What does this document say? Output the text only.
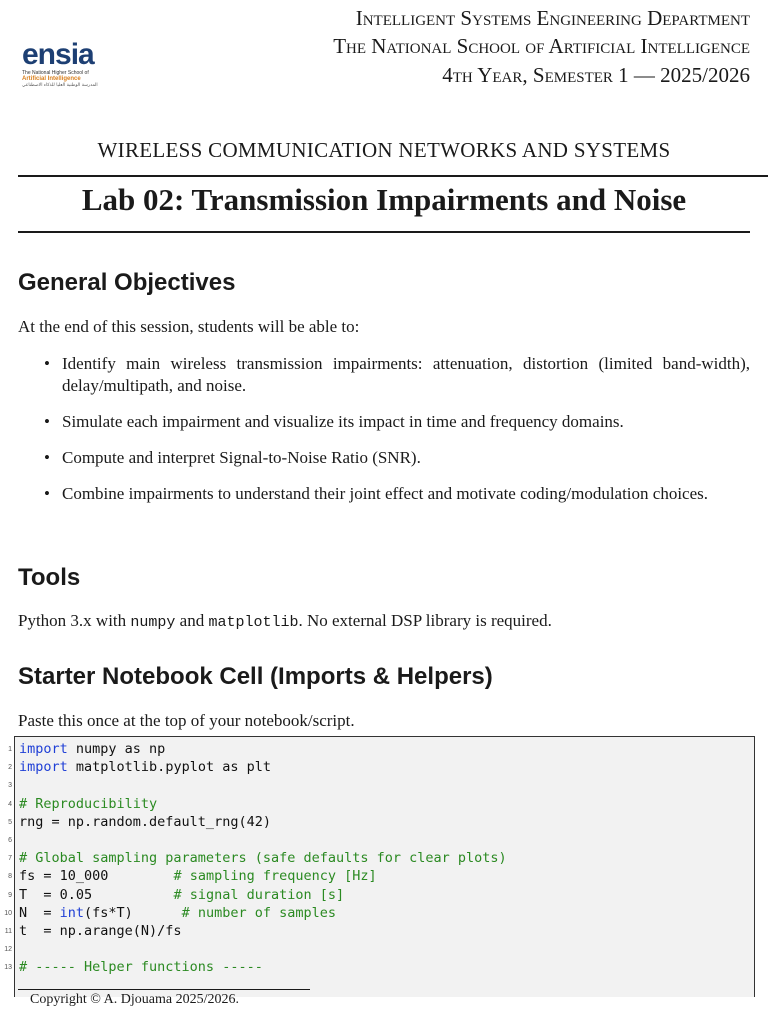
ensia
The National Higher School of
Artificial Intelligence
المدرسة الوطنية العليا للذكاء الاصطناعي
Intelligent Systems Engineering Department
The National School of Artificial Intelligence
4th Year, Semester 1 — 2025/2026
WIRELESS COMMUNICATION NETWORKS AND SYSTEMS
Lab 02: Transmission Impairments and Noise
General Objectives
At the end of this session, students will be able to:
• Identify main wireless transmission impairments: attenuation, distortion (limited band-width), delay/multipath, and noise.
• Simulate each impairment and visualize its impact in time and frequency domains.
• Compute and interpret Signal-to-Noise Ratio (SNR).
• Combine impairments to understand their joint effect and motivate coding/modulation choices.
Tools
Python 3.x with numpy and matplotlib. No external DSP library is required.
Starter Notebook Cell (Imports & Helpers)
Paste this once at the top of your notebook/script.
1 import numpy as np
2 import matplotlib.pyplot as plt
3
4 # Reproducibility
5 rng = np.random.default_rng(42)
6
7 # Global sampling parameters (safe defaults for clear plots)
8 fs = 10_000        # sampling frequency [Hz]
9 T  = 0.05          # signal duration [s]
10 N  = int(fs*T)      # number of samples
11 t  = np.arange(N)/fs
12
13 # ----- Helper functions -----
Copyright © A. Djouama 2025/2026.
